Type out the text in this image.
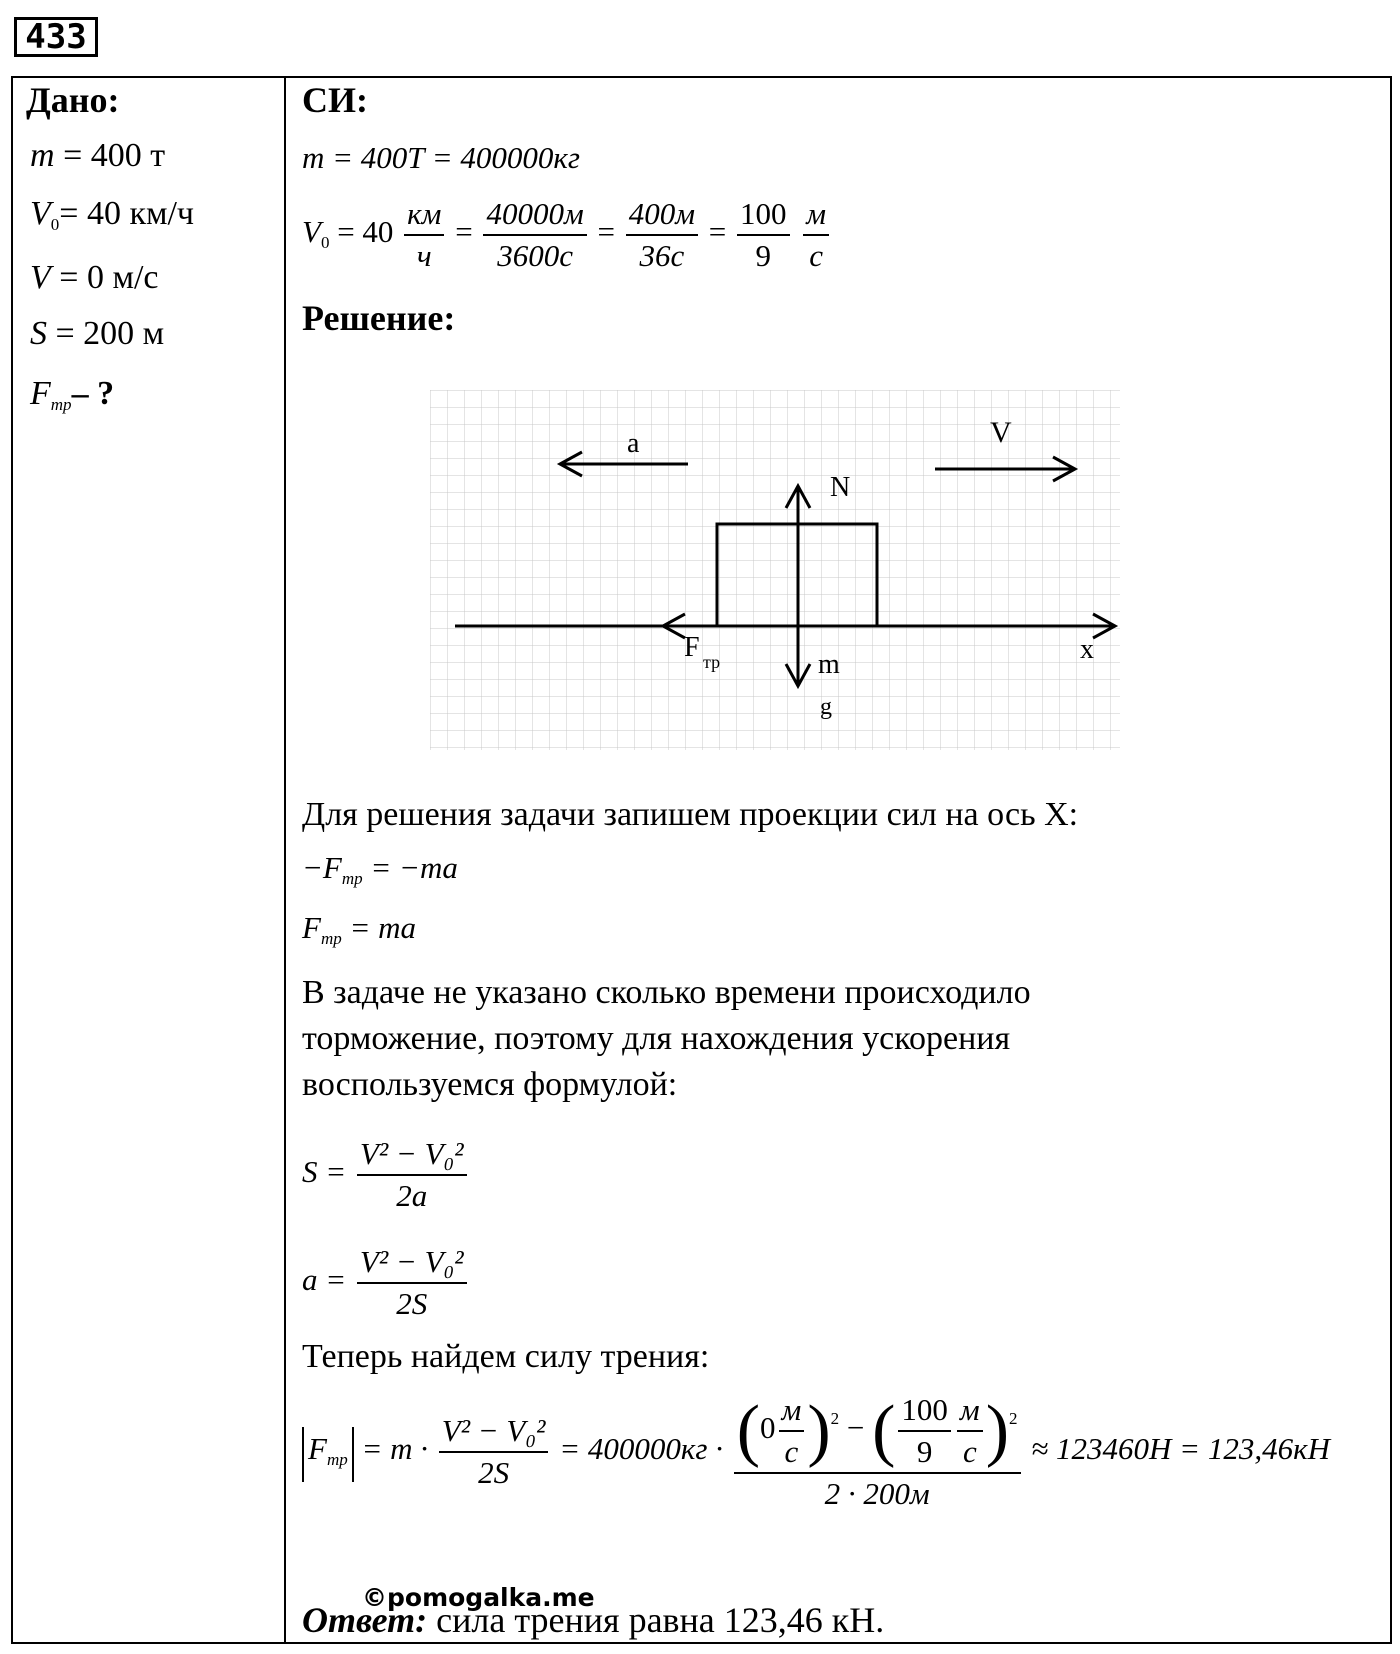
433
Дано:
m = 400 т
$V_0= 40$ км/ч
V = 0 м/с
S = 200 м
$F_{тр}-$ ?
СИ:
m = 400T = 400000кг
$V_0 = 40 \frac{км}{ч} = \frac{40000м}{3600с} = \frac{400м}{36с} = \frac{100}{9}$
$\frac{м}{с}$
Решение:
a	V
N
m
g
F тр	x
Для решения задачи запишем проекции сил на ось X:
$-F_{тр} = -ma$
$F_{тр}$ = ma
В задаче не указано сколько времени происходило
торможение, поэтому для нахождения ускорения
воспользуемся формулой:
$S = \frac{\text{V² − V₀²}}{2a}$
$a = \frac{\text{V² − V₀²}}{2S}$
Теперь найдем силу трения:
$F_{тр} = m \cdot \frac{\text{V² − V₀²}}{2S} = 400000кг \cdot \frac{(0 \frac{м}{с} )^2 - ( \frac{100}{9} \frac{м}{с} )^2}{2 \cdot 200м} \approx 123460H = 123,46кH$
©pomogalka.me
Ответ: сила трения равна 123,46 кН.
